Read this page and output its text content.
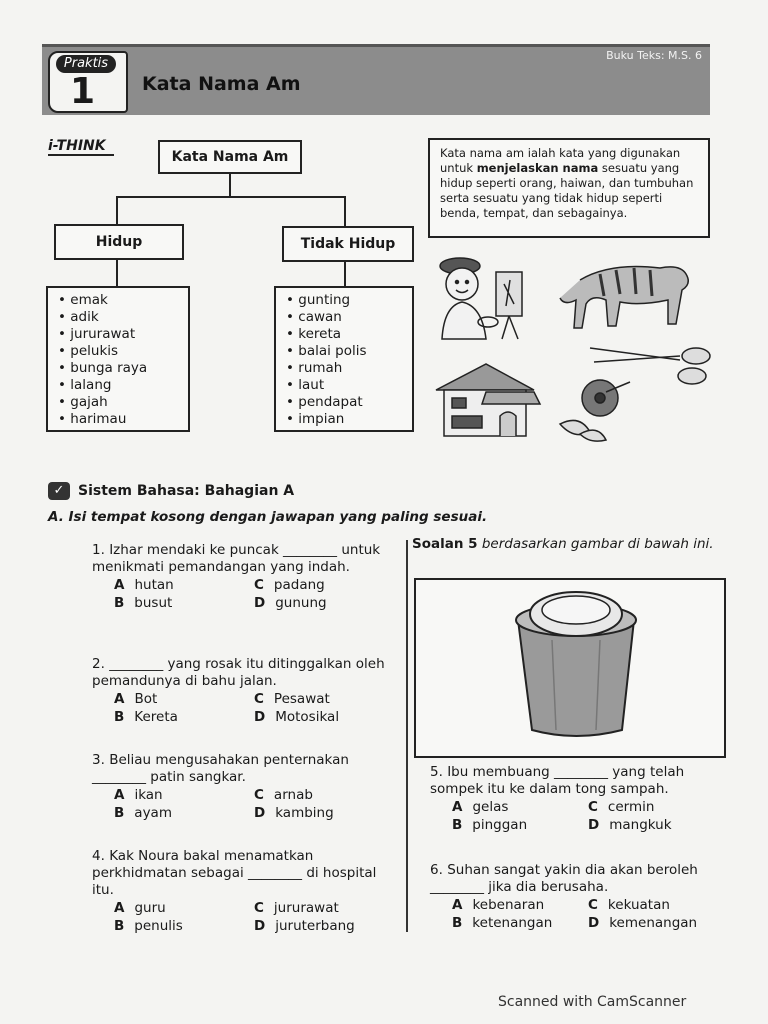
Buku Teks: M.S. 6
Praktis
1 Kata Nama Am
i-THINK
Kata Nama Am
Hidup	Tidak Hidup
• emak
• adik
• jururawat
• pelukis
• bunga raya
• lalang
• gajah
• harimau
• gunting
• cawan
• kereta
• balai polis
• rumah
• laut
• pendapat
• impian
Kata nama am ialah kata yang digunakan untuk menjelaskan nama sesuatu yang hidup seperti orang, haiwan, dan tumbuhan serta sesuatu yang tidak hidup seperti benda, tempat, dan sebagainya.
✓ Sistem Bahasa: Bahagian A
A. Isi tempat kosong dengan jawapan yang paling sesuai.
1. Izhar mendaki ke puncak ________ untuk menikmati pemandangan yang indah.
A hutan	C padang
B busut	D gunung
2. ________ yang rosak itu ditinggalkan oleh pemandunya di bahu jalan.
A Bot	C Pesawat
B Kereta	D Motosikal
3. Beliau mengusahakan penternakan ________ patin sangkar.
A ikan	C arnab
B ayam	D kambing
4. Kak Noura bakal menamatkan perkhidmatan sebagai ________ di hospital itu.
A guru	C jururawat
B penulis	D juruterbang
Soalan 5 berdasarkan gambar di bawah ini.
5. Ibu membuang ________ yang telah sompek itu ke dalam tong sampah.
A gelas	C cermin
B pinggan	D mangkuk
6. Suhan sangat yakin dia akan beroleh ________ jika dia berusaha.
A kebenaran	C kekuatan
B ketenangan	D kemenangan
Scanned with CamScanner
